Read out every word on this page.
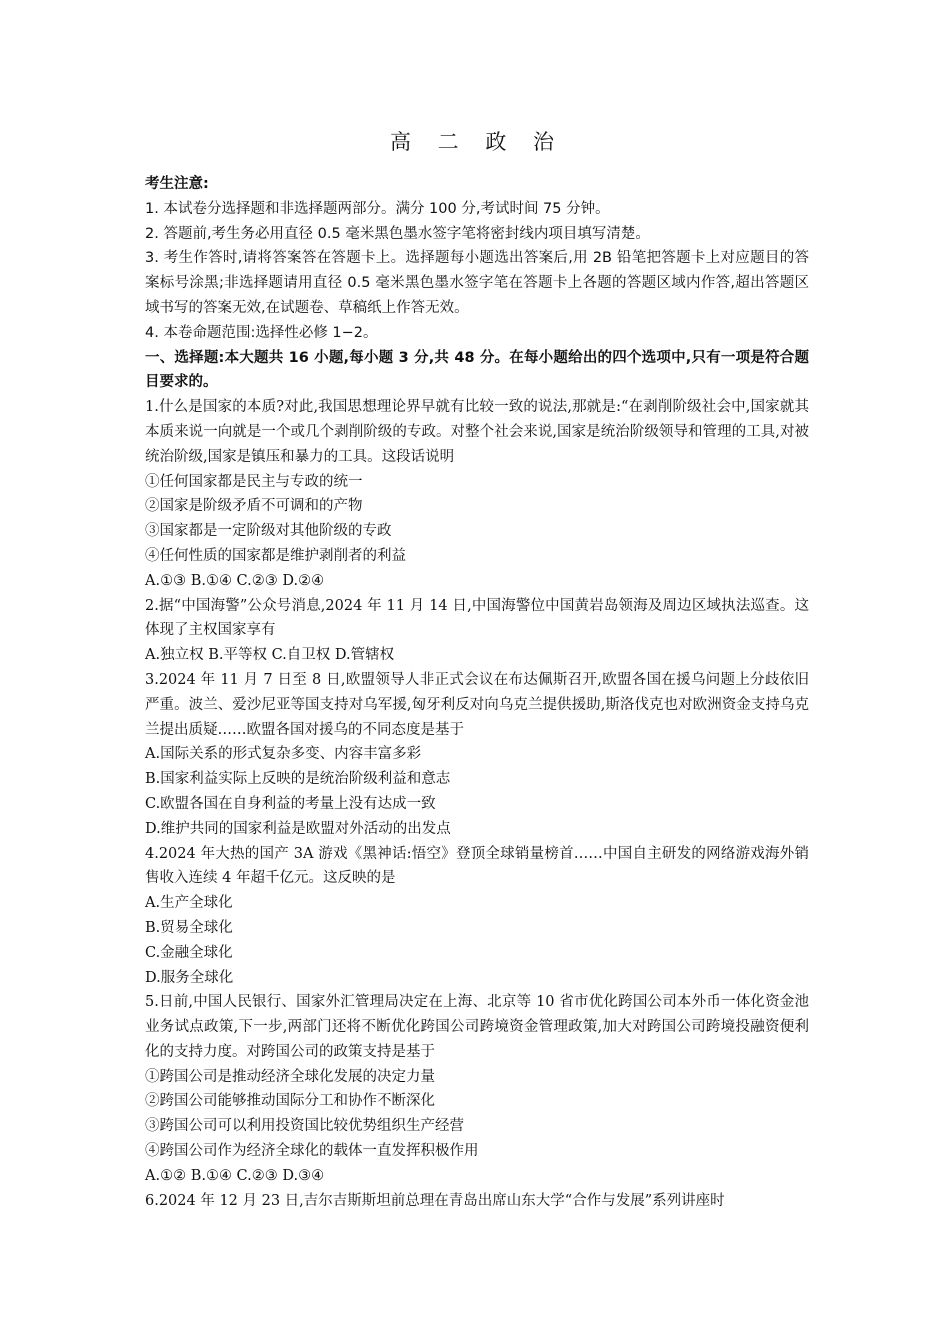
高 二 政 治

考生注意:

1. 本试卷分选择题和非选择题两部分。满分 100 分,考试时间 75 分钟。

2. 答题前,考生务必用直径 0.5 毫米黑色墨水签字笔将密封线内项目填写清楚。

3. 考生作答时,请将答案答在答题卡上。选择题每小题选出答案后,用 2B 铅笔把答题卡上对应题目的答案标号涂黑;非选择题请用直径 0.5 毫米黑色墨水签字笔在答题卡上各题的答题区域内作答,超出答题区域书写的答案无效,在试题卷、草稿纸上作答无效。

4. 本卷命题范围:选择性必修 1−2。

一、选择题:本大题共 16 小题,每小题 3 分,共 48 分。在每小题给出的四个选项中,只有一项是符合题目要求的。

1.什么是国家的本质?对此,我国思想理论界早就有比较一致的说法,那就是:“在剥削阶级社会中,国家就其本质来说一向就是一个或几个剥削阶级的专政。对整个社会来说,国家是统治阶级领导和管理的工具,对被统治阶级,国家是镇压和暴力的工具。这段话说明

①任何国家都是民主与专政的统一

②国家是阶级矛盾不可调和的产物

③国家都是一定阶级对其他阶级的专政

④任何性质的国家都是维护剥削者的利益

A.①③ B.①④ C.②③ D.②④

2.据“中国海警”公众号消息,2024 年 11 月 14 日,中国海警位中国黄岩岛领海及周边区域执法巡查。这体现了主权国家享有

A.独立权 B.平等权 C.自卫权 D.管辖权

3.2024 年 11 月 7 日至 8 日,欧盟领导人非正式会议在布达佩斯召开,欧盟各国在援乌问题上分歧依旧严重。波兰、爱沙尼亚等国支持对乌军援,匈牙利反对向乌克兰提供援助,斯洛伐克也对欧洲资金支持乌克兰提出质疑……欧盟各国对援乌的不同态度是基于

A.国际关系的形式复杂多变、内容丰富多彩

B.国家利益实际上反映的是统治阶级利益和意志

C.欧盟各国在自身利益的考量上没有达成一致

D.维护共同的国家利益是欧盟对外活动的出发点

4.2024 年大热的国产 3A 游戏《黑神话:悟空》登顶全球销量榜首……中国自主研发的网络游戏海外销售收入连续 4 年超千亿元。这反映的是

A.生产全球化

B.贸易全球化

C.金融全球化

D.服务全球化

5.日前,中国人民银行、国家外汇管理局决定在上海、北京等 10 省市优化跨国公司本外币一体化资金池业务试点政策,下一步,两部门还将不断优化跨国公司跨境资金管理政策,加大对跨国公司跨境投融资便利化的支持力度。对跨国公司的政策支持是基于

①跨国公司是推动经济全球化发展的决定力量

②跨国公司能够推动国际分工和协作不断深化

③跨国公司可以利用投资国比较优势组织生产经营

④跨国公司作为经济全球化的载体一直发挥积极作用

A.①② B.①④ C.②③ D.③④

6.2024 年 12 月 23 日,吉尔吉斯斯坦前总理在青岛出席山东大学“合作与发展”系列讲座时
